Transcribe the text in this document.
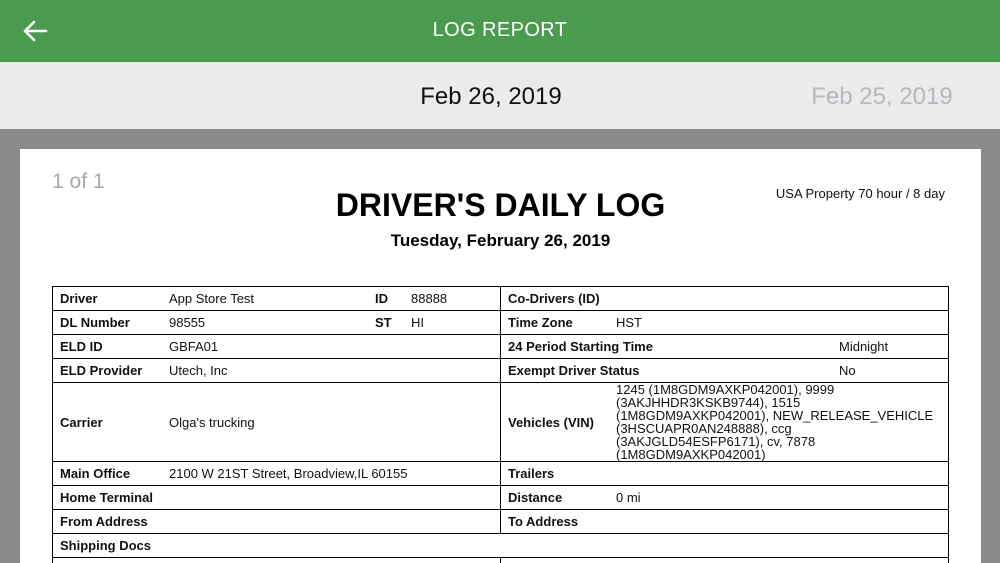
LOG REPORT
Feb 26, 2019	Feb 25, 2019
1 of 1
USA Property 70 hour / 8 day
DRIVER'S DAILY LOG
Tuesday, February 26, 2019
Driver App Store Test ID 88888	Co-Drivers (ID)

DL Number 98555 ST HI	Time Zone HST

ELD ID GBFA01	24 Period Starting Time Midnight

ELD Provider Utech, Inc	Exempt Driver Status No

Carrier Olga's trucking	Vehicles (VIN)
1245 (1M8GDM9AXKP042001), 9999 (3AKJHHDR3KSKB9744), 1515 (1M8GDM9AXKP042001), NEW_RELEASE_VEHICLE (3HSCUAPR0AN248888), ccg (3AKJGLD54ESFP6171), cv, 7878 (1M8GDM9AXKP042001)

Main Office 2100 W 21ST Street, Broadview,IL 60155	Trailers

Home Terminal	Distance 0 mi

From Address	To Address

Shipping Docs	
